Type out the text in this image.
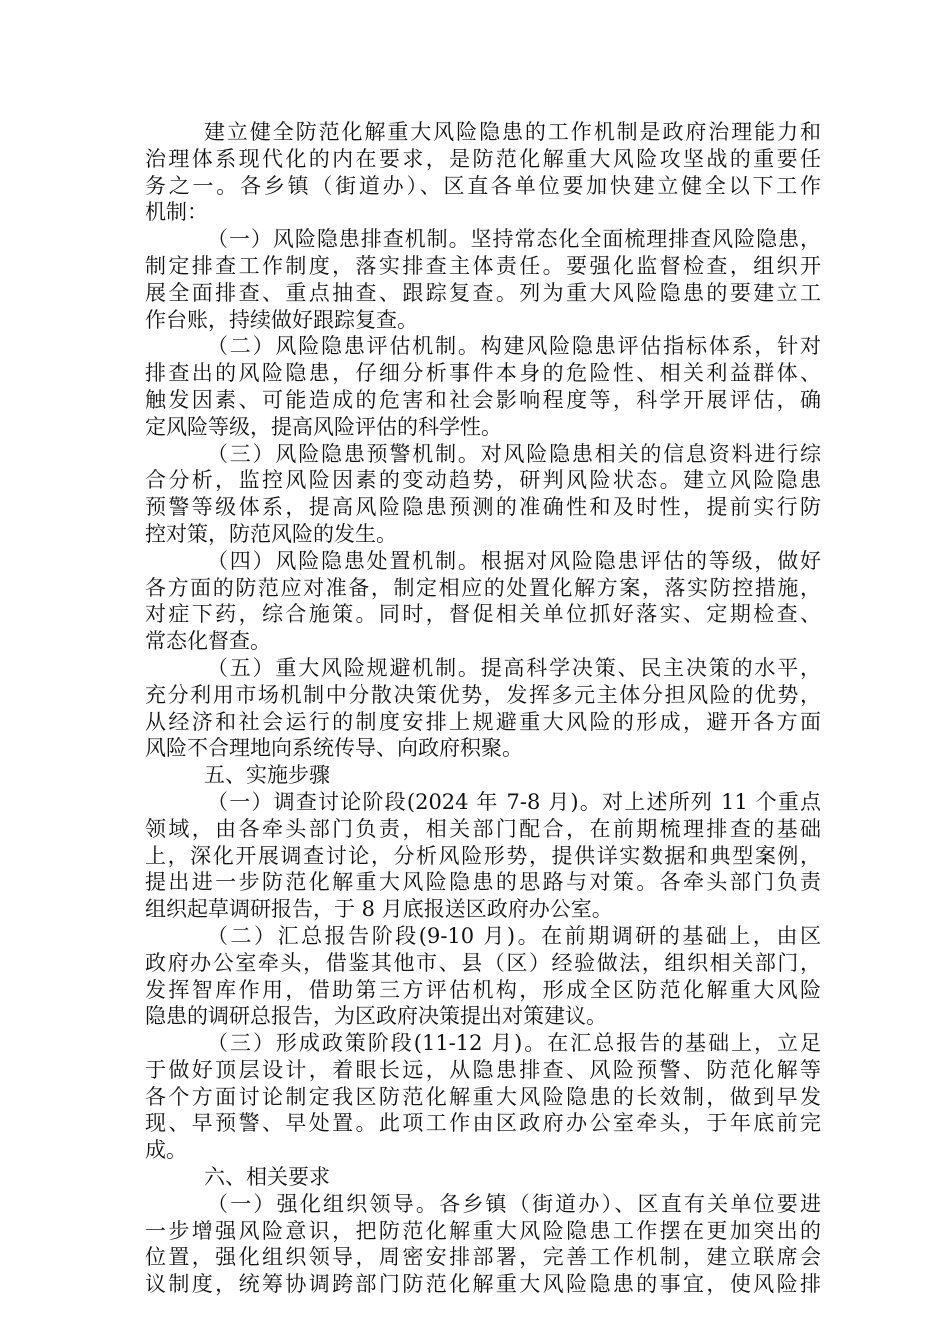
建立健全防范化解重大风险隐患的工作机制是政府治理能力和
治理体系现代化的内在要求，是防范化解重大风险攻坚战的重要任
务之一。各乡镇（街道办）、区直各单位要加快建立健全以下工作
机制：
（一）风险隐患排查机制。坚持常态化全面梳理排查风险隐患，
制定排查工作制度，落实排查主体责任。要强化监督检查，组织开
展全面排查、重点抽查、跟踪复查。列为重大风险隐患的要建立工
作台账，持续做好跟踪复查。
（二）风险隐患评估机制。构建风险隐患评估指标体系，针对
排查出的风险隐患，仔细分析事件本身的危险性、相关利益群体、
触发因素、可能造成的危害和社会影响程度等，科学开展评估，确
定风险等级，提高风险评估的科学性。
（三）风险隐患预警机制。对风险隐患相关的信息资料进行综
合分析，监控风险因素的变动趋势，研判风险状态。建立风险隐患
预警等级体系，提高风险隐患预测的准确性和及时性，提前实行防
控对策，防范风险的发生。
（四）风险隐患处置机制。根据对风险隐患评估的等级，做好
各方面的防范应对准备，制定相应的处置化解方案，落实防控措施，
对症下药，综合施策。同时，督促相关单位抓好落实、定期检查、
常态化督查。
（五）重大风险规避机制。提高科学决策、民主决策的水平，
充分利用市场机制中分散决策优势，发挥多元主体分担风险的优势，
从经济和社会运行的制度安排上规避重大风险的形成，避开各方面
风险不合理地向系统传导、向政府积聚。
五、实施步骤
（一）调查讨论阶段(2024 年 7-8 月)。对上述所列 11 个重点
领域，由各牵头部门负责，相关部门配合，在前期梳理排查的基础
上，深化开展调查讨论，分析风险形势，提供详实数据和典型案例，
提出进一步防范化解重大风险隐患的思路与对策。各牵头部门负责
组织起草调研报告，于 8 月底报送区政府办公室。
（二）汇总报告阶段(9-10 月)。在前期调研的基础上，由区
政府办公室牵头，借鉴其他市、县（区）经验做法，组织相关部门，
发挥智库作用，借助第三方评估机构，形成全区防范化解重大风险
隐患的调研总报告，为区政府决策提出对策建议。
（三）形成政策阶段(11-12 月)。在汇总报告的基础上，立足
于做好顶层设计，着眼长远，从隐患排查、风险预警、防范化解等
各个方面讨论制定我区防范化解重大风险隐患的长效制，做到早发
现、早预警、早处置。此项工作由区政府办公室牵头，于年底前完
成。
六、相关要求
（一）强化组织领导。各乡镇（街道办）、区直有关单位要进
一步增强风险意识，把防范化解重大风险隐患工作摆在更加突出的
位置，强化组织领导，周密安排部署，完善工作机制，建立联席会
议制度，统筹协调跨部门防范化解重大风险隐患的事宜，使风险排
